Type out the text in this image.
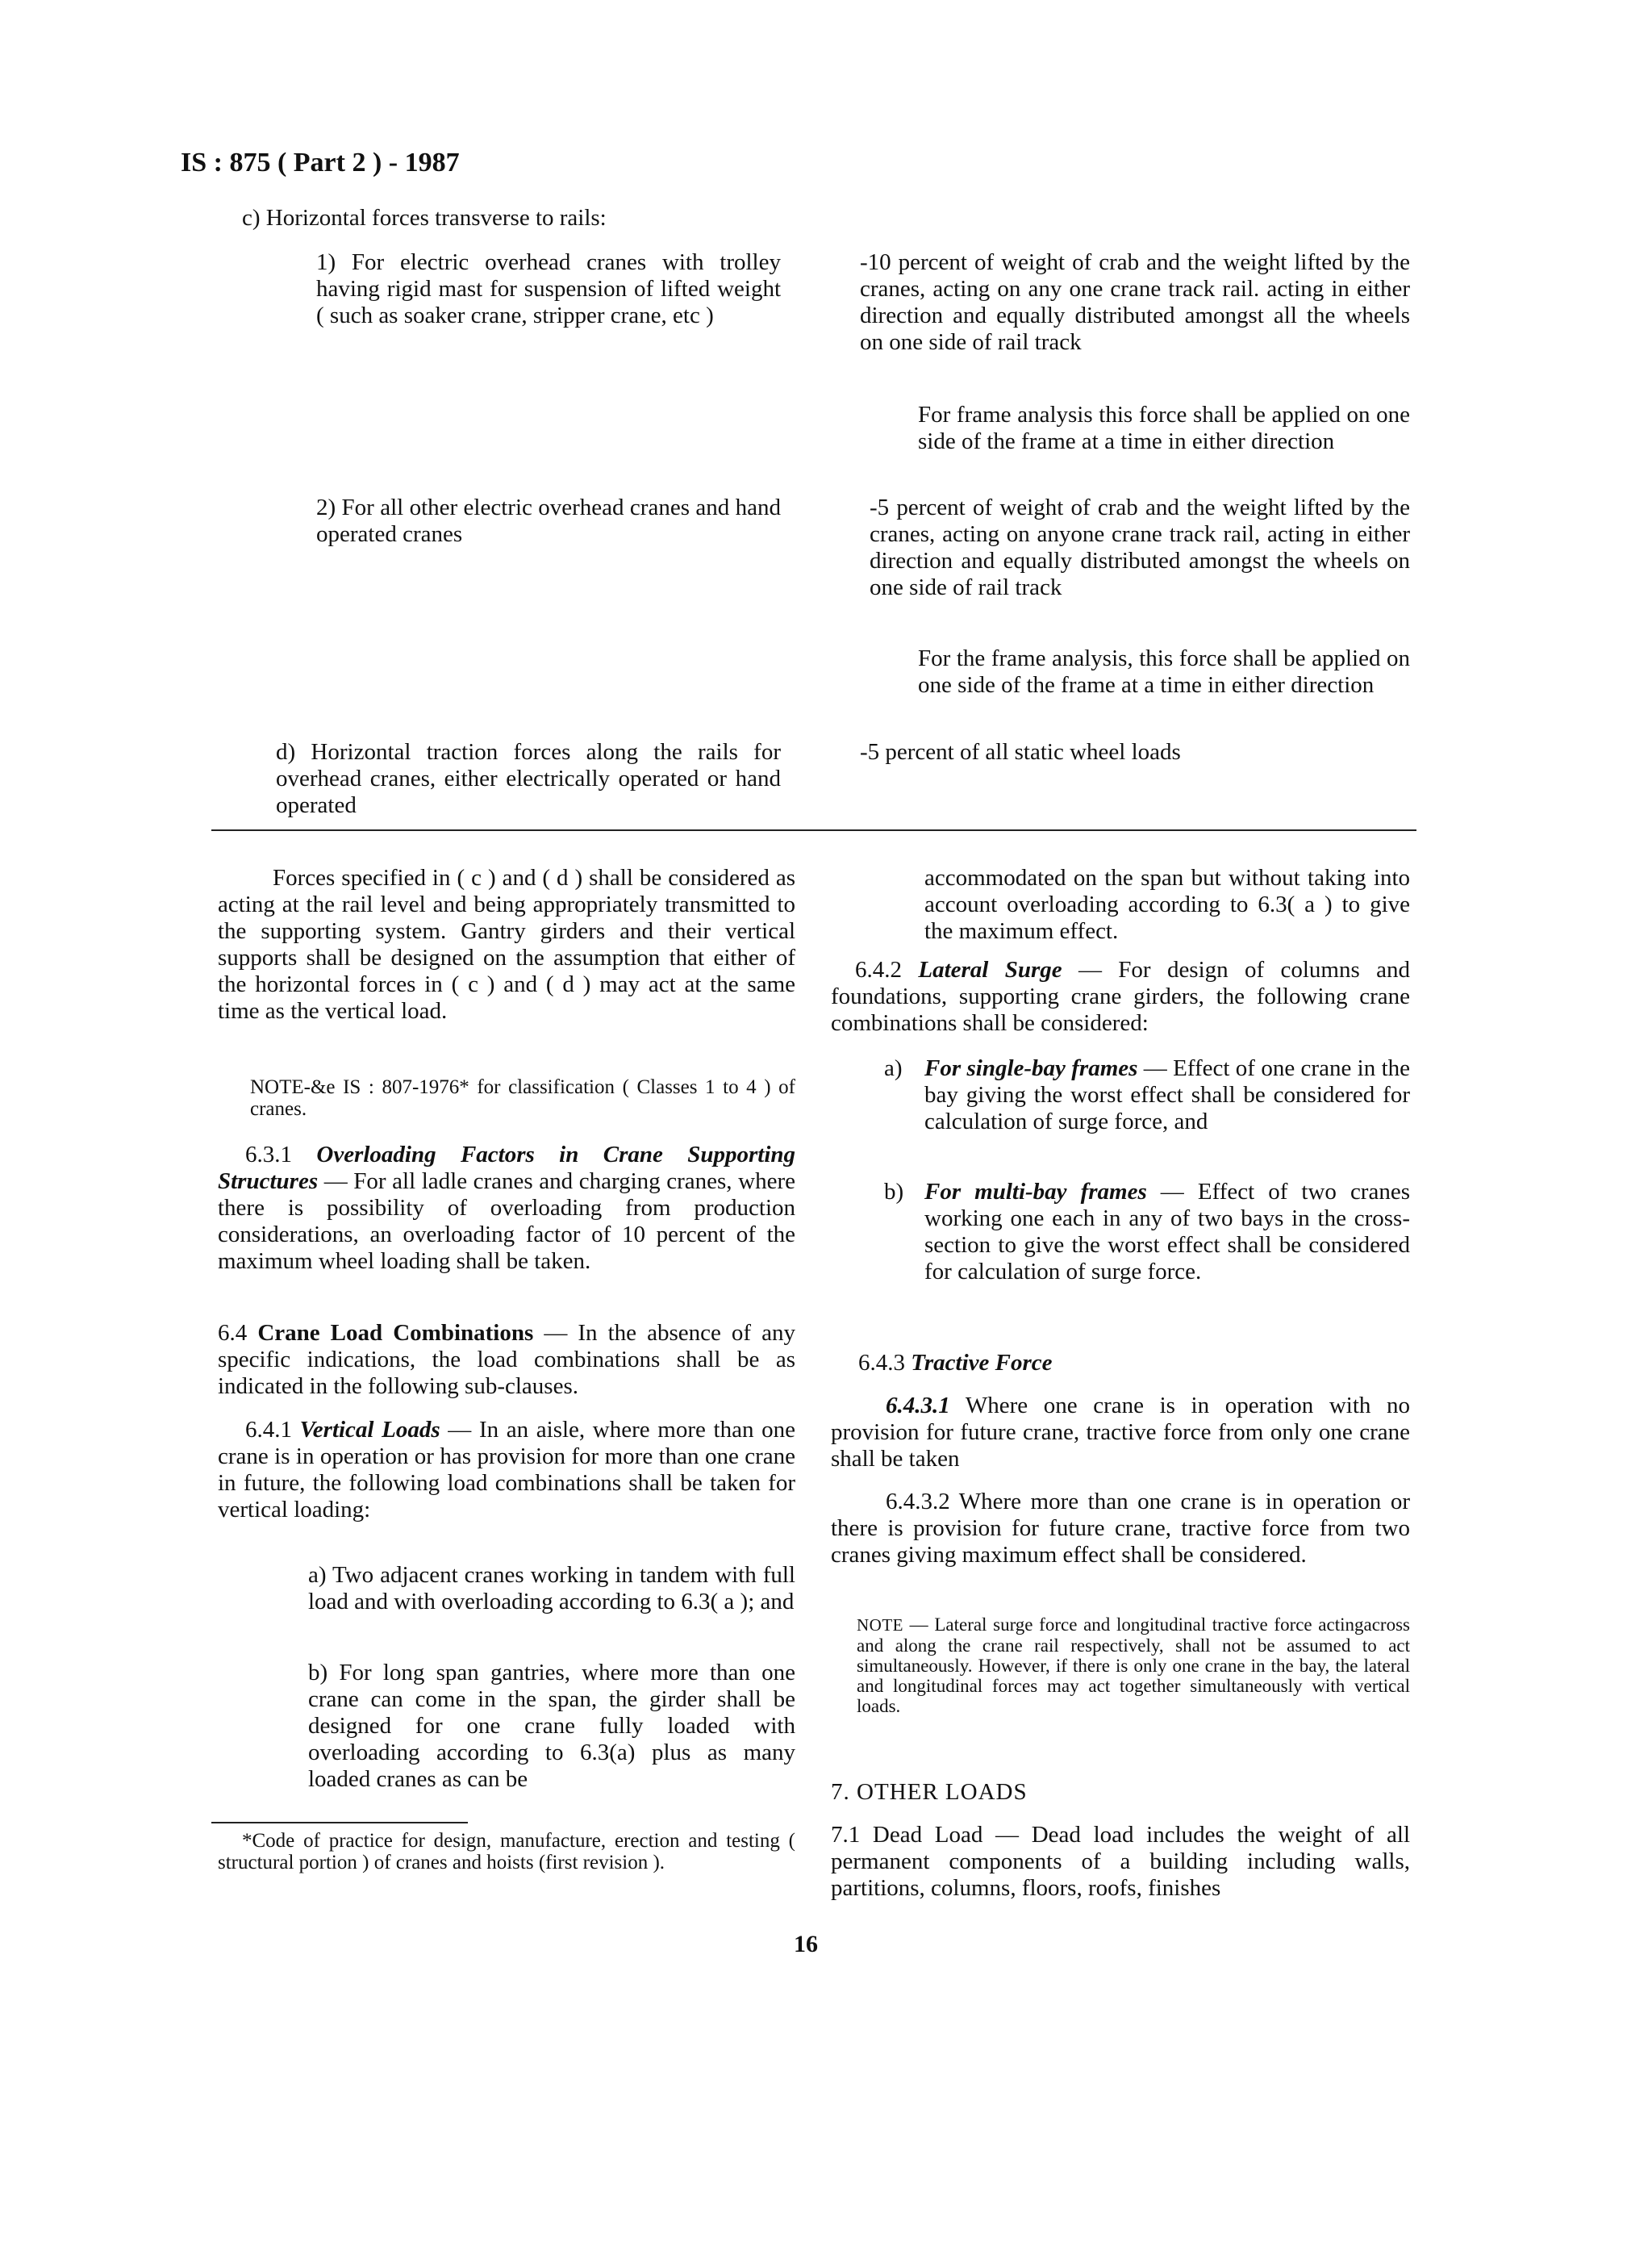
IS : 875 ( Part 2 ) - 1987
c) Horizontal forces transverse to rails:
1) For electric overhead cranes with trolley having rigid mast for suspension of lifted weight ( such as soaker crane, stripper crane, etc )
-10 percent of weight of crab and the weight lifted by the cranes, acting on any one crane track rail. acting in either direction and equally distributed amongst all the wheels on one side of rail track
For frame analysis this force shall be applied on one side of the frame at a time in either direction
2) For all other electric overhead cranes and hand operated cranes
-5 percent of weight of crab and the weight lifted by the cranes, acting on anyone crane track rail, acting in either direction and equally distributed amongst the wheels on one side of rail track
For the frame analysis, this force shall be applied on one side of the frame at a time in either direction
d) Horizontal traction forces along the rails for overhead cranes, either electrically operated or hand operated
-5 percent of all static wheel loads
Forces specified in ( c ) and ( d ) shall be considered as acting at the rail level and being appropriately transmitted to the supporting system. Gantry girders and their vertical supports shall be designed on the assumption that either of the horizontal forces in ( c ) and ( d ) may act at the same time as the vertical load.
NOTE-&e IS : 807-1976* for classification ( Classes 1 to 4 ) of cranes.
6.3.1 Overloading Factors in Crane Supporting Structures — For all ladle cranes and charging cranes, where there is possibility of overloading from production considerations, an overloading factor of 10 percent of the maximum wheel loading shall be taken.
6.4 Crane Load Combinations — In the absence of any specific indications, the load combinations shall be as indicated in the following sub-clauses.
6.4.1 Vertical Loads — In an aisle, where more than one crane is in operation or has provision for more than one crane in future, the following load combinations shall be taken for vertical loading:
a) Two adjacent cranes working in tandem with full load and with overloading according to 6.3( a ); and
b) For long span gantries, where more than one crane can come in the span, the girder shall be designed for one crane fully loaded with overloading according to 6.3(a) plus as many loaded cranes as can be
*Code of practice for design, manufacture, erection and testing ( structural portion ) of cranes and hoists (first revision ).
accommodated on the span but without taking into account overloading according to 6.3( a ) to give the maximum effect.
6.4.2 Lateral Surge — For design of columns and foundations, supporting crane girders, the following crane combinations shall be considered:
a) For single-bay frames — Effect of one crane in the bay giving the worst effect shall be considered for calculation of surge force, and
b) For multi-bay frames — Effect of two cranes working one each in any of two bays in the cross-section to give the worst effect shall be considered for calculation of surge force.
6.4.3 Tractive Force
6.4.3.1 Where one crane is in operation with no provision for future crane, tractive force from only one crane shall be taken
6.4.3.2 Where more than one crane is in operation or there is provision for future crane, tractive force from two cranes giving maximum effect shall be considered.
NOTE — Lateral surge force and longitudinal tractive force actingacross and along the crane rail respectively, shall not be assumed to act simultaneously. However, if there is only one crane in the bay, the lateral and longitudinal forces may act together simultaneously with vertical loads.
7. OTHER LOADS
7.1 Dead Load — Dead load includes the weight of all permanent components of a building including walls, partitions, columns, floors, roofs, finishes
16
